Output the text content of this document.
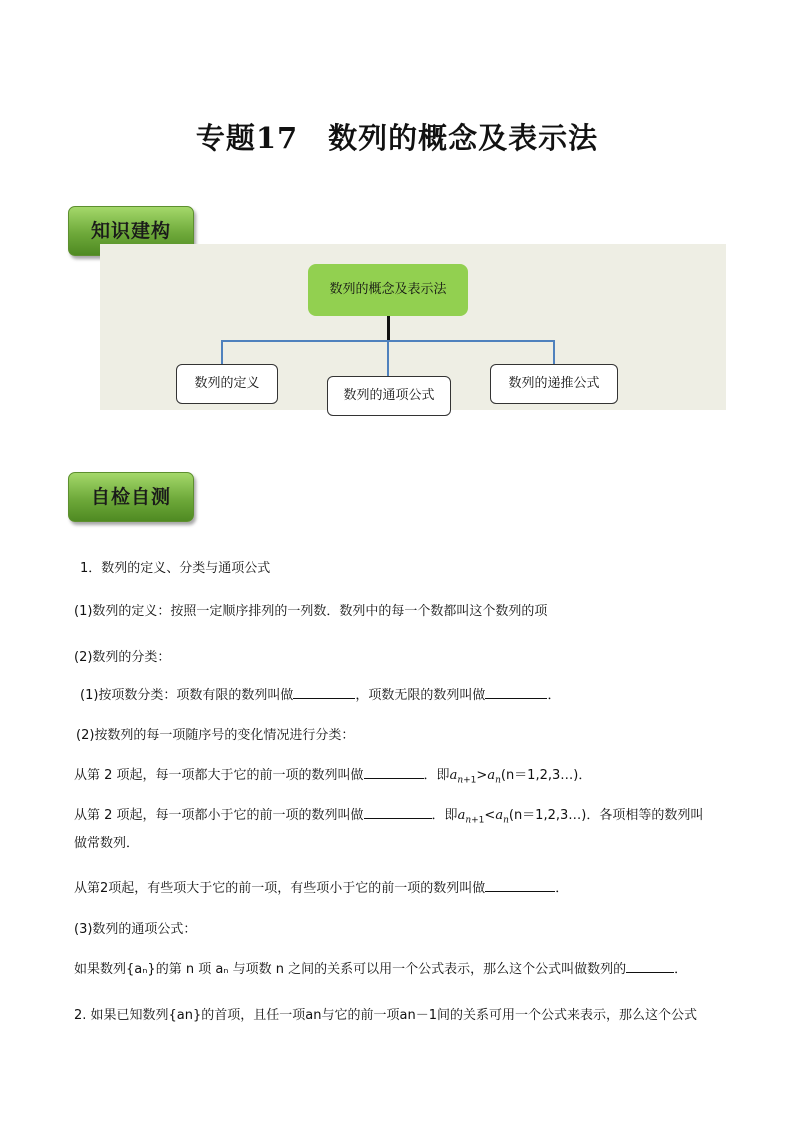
专题17　数列的概念及表示法
知识建构
数列的概念及表示法
数列的定义
数列的通项公式
数列的递推公式
自检自测
1．数列的定义、分类与通项公式
(1)数列的定义：按照一定顺序排列的一列数．数列中的每一个数都叫这个数列的项
(2)数列的分类：
(1)按项数分类：项数有限的数列叫做	，项数无限的数列叫做	．
(2)按数列的每一项随序号的变化情况进行分类：
从第 2 项起，每一项都大于它的前一项的数列叫做	．即$a_{n+1}>a_n(n=1,2,3\dots)$．
从第 2 项起，每一项都小于它的前一项的数列叫做	．即$a_{n+1}<a_n(n=1,2,3\dots)$．各项相等的数列叫
做常数列．
从第2项起，有些项大于它的前一项，有些项小于它的前一项的数列叫做	．
(3)数列的通项公式：
如果数列{aₙ}的第 n 项 aₙ 与项数 n 之间的关系可以用一个公式表示，那么这个公式叫做数列的	．
2. 如果已知数列{an}的首项，且任一项an与它的前一项an－1间的关系可用一个公式来表示，那么这个公式
